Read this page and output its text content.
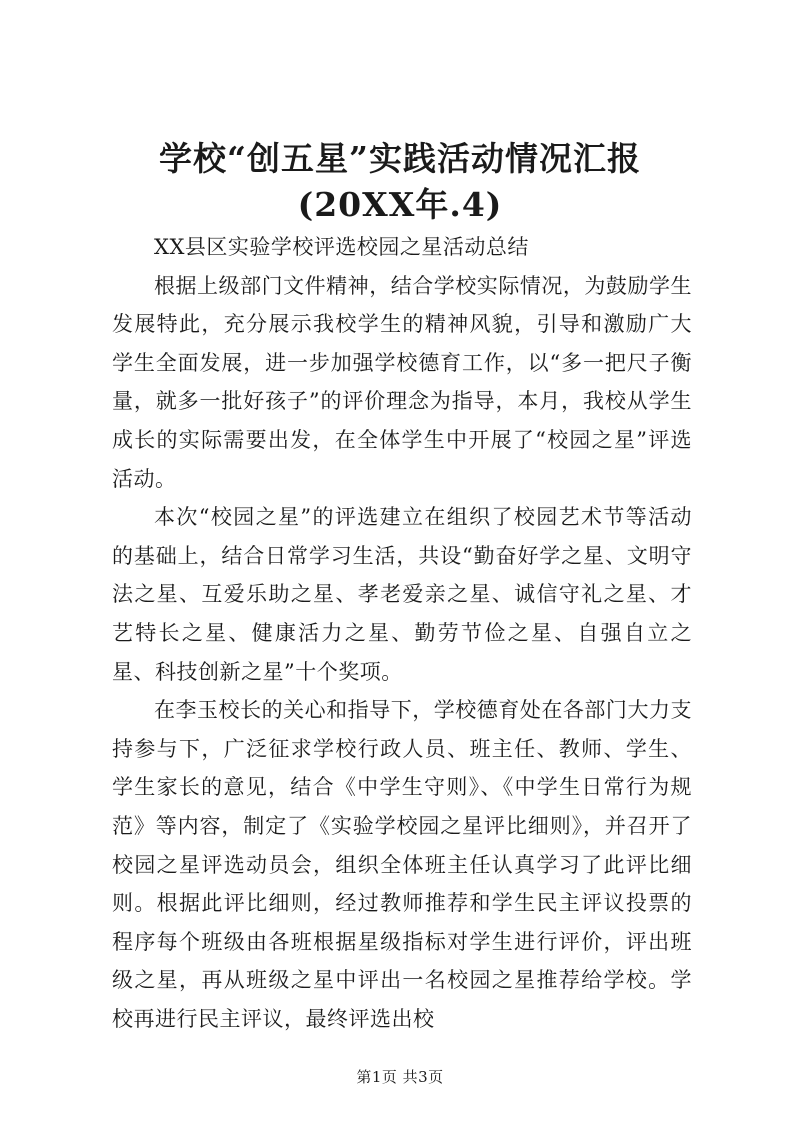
学校“创五星”实践活动情况汇报(20XX年.4)

XX县区实验学校评选校园之星活动总结

根据上级部门文件精神，结合学校实际情况，为鼓励学生发展特此，充分展示我校学生的精神风貌，引导和激励广大学生全面发展，进一步加强学校德育工作，以“多一把尺子衡量，就多一批好孩子”的评价理念为指导，本月，我校从学生成长的实际需要出发，在全体学生中开展了“校园之星”评选活动。

本次“校园之星”的评选建立在组织了校园艺术节等活动的基础上，结合日常学习生活，共设“勤奋好学之星、文明守法之星、互爱乐助之星、孝老爱亲之星、诚信守礼之星、才艺特长之星、健康活力之星、勤劳节俭之星、自强自立之星、科技创新之星”十个奖项。

在李玉校长的关心和指导下，学校德育处在各部门大力支持参与下，广泛征求学校行政人员、班主任、教师、学生、学生家长的意见，结合《中学生守则》、《中学生日常行为规范》等内容，制定了《实验学校园之星评比细则》，并召开了校园之星评选动员会，组织全体班主任认真学习了此评比细则。根据此评比细则，经过教师推荐和学生民主评议投票的程序每个班级由各班根据星级指标对学生进行评价，评出班级之星，再从班级之星中评出一名校园之星推荐给学校。学校再进行民主评议，最终评选出校

第1页 共3页
